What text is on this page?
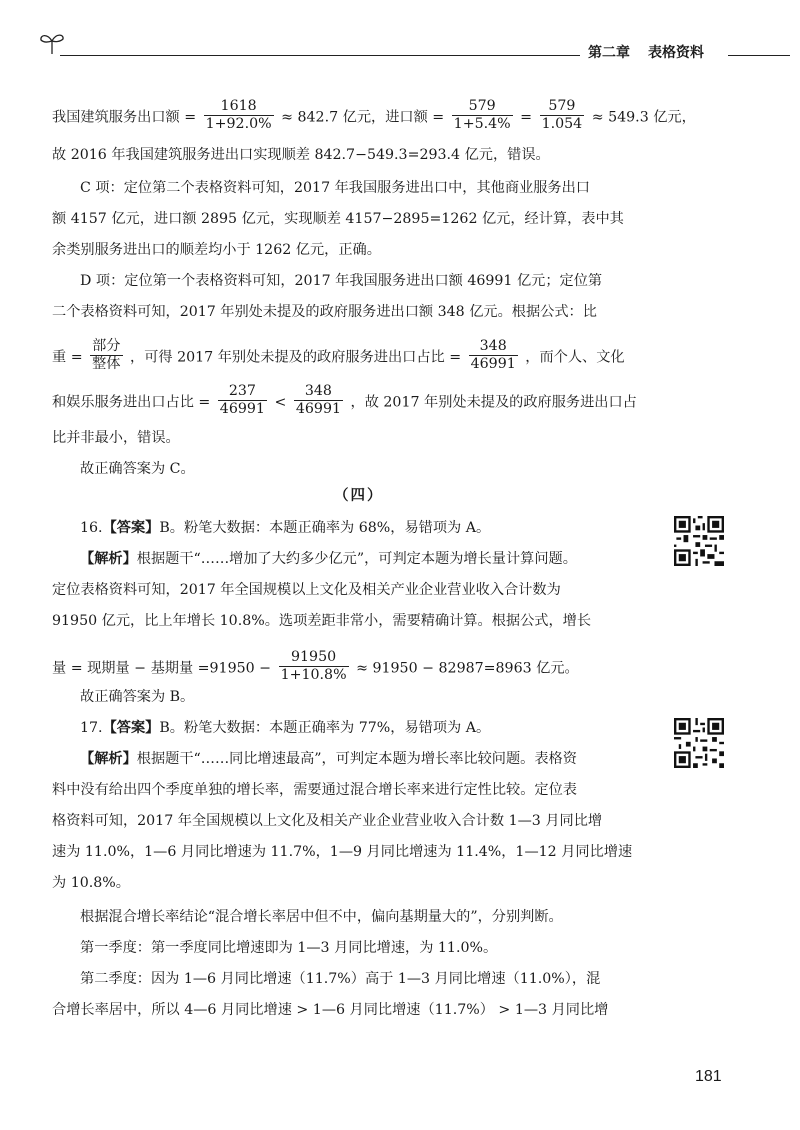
第二章 表格资料
我国建筑服务出口额 = $\frac{1618}{1+92.0\%} \approx 842.7$ 亿元，进口额 = $\frac{579}{1+5.4\%} = \frac{579}{1.054} \approx 549.3$ 亿元，
故 2016 年我国建筑服务进出口实现顺差 842.7−549.3=293.4 亿元，错误。
C 项：定位第二个表格资料可知，2017 年我国服务进出口中，其他商业服务出口
额 4157 亿元，进口额 2895 亿元，实现顺差 4157−2895=1262 亿元，经计算，表中其
余类别服务进出口的顺差均小于 1262 亿元，正确。
D 项：定位第一个表格资料可知，2017 年我国服务进出口额 46991 亿元；定位第
二个表格资料可知，2017 年别处未提及的政府服务进出口额 348 亿元。根据公式：比
重 = $\frac{\text{部分}}{\text{整体}}$ ，可得 2017 年别处未提及的政府服务进出口占比 = $\frac{348}{46991}$ ，而个人、文化
和娱乐服务进出口占比 = $\frac{237}{46991} < \frac{348}{46991}$ ，故 2017 年别处未提及的政府服务进出口占
比并非最小，错误。
故正确答案为 C。
（四）
16.【答案】B。粉笔大数据：本题正确率为 68%，易错项为 A。
【解析】根据题干“……增加了大约多少亿元”，可判定本题为增长量计算问题。
定位表格资料可知，2017 年全国规模以上文化及相关产业企业营业收入合计数为
91950 亿元，比上年增长 10.8%。选项差距非常小，需要精确计算。根据公式，增长
量 = 现期量 − 基期量 $=91950 - \frac{91950}{1+10.8\%} \approx 91950 - 82987=8963$ 亿元。
故正确答案为 B。
17.【答案】B。粉笔大数据：本题正确率为 77%，易错项为 A。
【解析】根据题干“……同比增速最高”，可判定本题为增长率比较问题。表格资
料中没有给出四个季度单独的增长率，需要通过混合增长率来进行定性比较。定位表
格资料可知，2017 年全国规模以上文化及相关产业企业营业收入合计数 1—3 月同比增
速为 11.0%，1—6 月同比增速为 11.7%，1—9 月同比增速为 11.4%，1—12 月同比增速
为 10.8%。
根据混合增长率结论“混合增长率居中但不中，偏向基期量大的”，分别判断。
第一季度：第一季度同比增速即为 1—3 月同比增速，为 11.0%。
第二季度：因为 1—6 月同比增速（11.7%）高于 1—3 月同比增速（11.0%），混
合增长率居中，所以 4—6 月同比增速 > 1—6 月同比增速（11.7%） > 1—3 月同比增
181
